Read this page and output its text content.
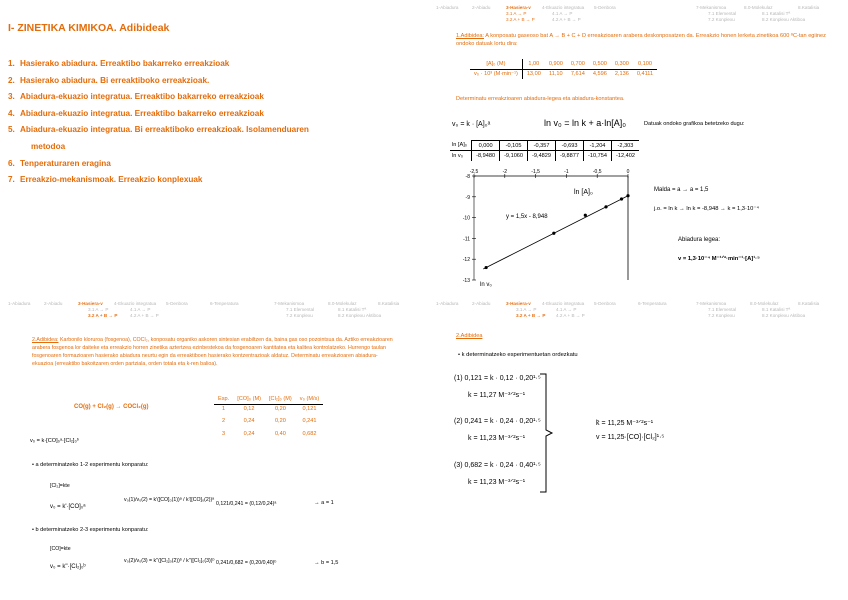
I- ZINETIKA KIMIKOA. Adibideak
1. Hasierako abiadura. Erreaktibo bakarreko erreakzioak
2. Hasierako abiadura. Bi erreaktiboko erreakzioak.
3. Abiadura-ekuazio integratua. Erreaktibo bakarreko erreakzioak
4. Abiadura-ekuazio integratua. Erreaktibo bakarreko erreakzioak
5. Abiadura-ekuazio integratua. Bi erreaktiboko erreakzioak. Isolamenduaren
metodoa
6. Tenperaturaren eragina
7. Erreakzio-mekanismoak. Erreakzio konplexuak
1-Abiadura	2-Abiadu	3-Hasiera-v
3.1 A → P
3.2 A + B → P
4-Ekuazio integratua
4.1 A → P
4.2 A + B → P
5-Denbora	7-Mekanismoa
7.1 Elemental
7.2 Konplexu
8.0-Molekulaz
8.1 Katalisi Tª
8.2 Konplexu Aktiboa
8.Katalisia
1.Adibidea: A konposatu gaseoso bat A → B + C + D erreakzioaren arabera deskonposatzen da. Erreakzio honen lerketa zinetikoa 600 ºC-tan egiinez ondoko datuak lortu dira:
[A]₀ (M)	1,00	0,900	0,700	0,500	0,300	0,100
v₀ · 10³ (M·min⁻¹)	13,00	11,10	7,614	4,596	2,136	0,4111
Determinatu erreakzioaren abiadura-legea eta abiadura-konstantea.
v₀ = k · [A]₀ᵃ	ln v₀ = ln k + a·ln[A]₀	Datuak ondoko grafikoa betetzeko dugu:
ln [A]₀	0,000	-0,105	-0,357	-0,693	-1,204	-2,303
ln v₀	-8,9480	-9,1060	-9,4829	-9,8877	-10,754	-12,402
-2,5	-2	-1,5	-1	-0,5	0
-8
-9
-10
-11
-12
-13
y = 1,5x - 8,948
ln [A]₀
ln v₀
Malda = a → a = 1,5
j.o. = ln k → ln k = -8,948 → k = 1,3·10⁻⁴
Abiadura legea:
v = 1,3·10⁻⁴ M⁻¹ᐟ²·min⁻¹·[A]¹·⁵
1-Abiadura	2-Abiadu	3-Hasiera-v
3.1 A → P
3.2 A + B → P
4-Ekuazio integratua
4.1 A → P
4.2 A + B → P
5-Denbora	6-Tenperatura	7-Mekanismoa
7.1 Elemental
7.2 Konplexu
8.0-Molekulaz
8.1 Katalisi Tª
8.2 Konplexu Aktiboa
8.Katalisia
2.Adibidea: Karbonilo kloruroa (fosgenoa), COCl₂, konposatu organiko askoren sintesian erabiltzen da, baina gas oso pozointsua da. Aztiko erreakzioaren arabera fosgenoa lor daiteke eta erreakzio horren zinetika aztertzea ezinbestekoa da fosgenoaren kantitatea eta kalitea kontrolatzeko. Hurrengo taulan fosgenoaren formazioaren hasierako abiadura neurtu egin da erreaktiboen hasierako kontzentrazioak aldatuz. Determinatu erreakzioaren abiadura-ekuazioa (erreaktibo bakoitzaren orden partziala, orden totala eta k-ren balioa).
CO(g) + Cl₂(g) → COCl₂(g)
Esp.	[CO]₀ (M)	[Cl₂]₀ (M)	v₀ (M/s)
1	0,12	0,20	0,121
2	0,24	0,20	0,241
3	0,24	0,40	0,682
v₀ = k·[CO]₀ᵃ·[Cl₂]₀ᵇ
• a determinatzeko 1-2 esperimentu konparatu:
[Cl₂]=kte
v₀ = k'·[CO]₀ᵃ
v₀(1)/v₀(2) = k'([CO]₀(1))ᵃ / k'([CO]₀(2))ᵃ
0,121/0,241 = (0,12/0,24)ᵃ	→ a = 1
• b determinatzeko 2-3 esperimentu konparatu:
[CO]=kte
v₀ = k''·[Cl₂]₀ᵇ
v₀(2)/v₀(3) = k''([Cl₂]₀(2))ᵇ / k''([Cl₂]₀(3))ᵇ 0,241/0,682 = (0,20/0,40)ᵇ	→ b = 1,5
1-Abiadura	2-Abiadu	3-Hasiera-v
3.1 A → P
3.2 A + B → P
4-Ekuazio integratua
4.1 A → P
4.2 A + B → P
5-Denbora	6-Tenperatura	7-Mekanismoa
7.1 Elemental
7.2 Konplexu
8.0-Molekulaz
8.1 Katalisi Tª
8.2 Konplexu Aktiboa
8.Katalisia
2.Adibidea
• k determinatzeko esperimentuetan ordezkatu
(1) 0,121 = k · 0,12 · 0,20¹·⁵
k = 11,27 M⁻³ᐟ²s⁻¹
(2) 0,241 = k · 0,24 · 0,20¹·⁵
k = 11,23 M⁻³ᐟ²s⁻¹
(3) 0,682 = k · 0,24 · 0,40¹·⁵
k = 11,23 M⁻³ᐟ²s⁻¹
k̄ = 11,25 M⁻³ᐟ²s⁻¹
v = 11,25·[CO]·[Cl₂]¹·⁵
